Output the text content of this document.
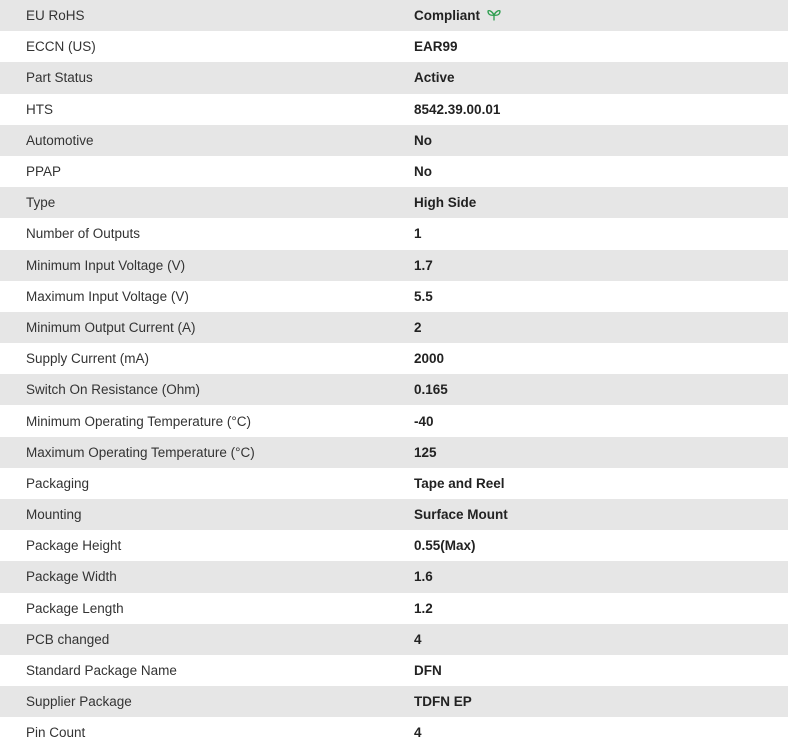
EU RoHS	Compliant
ECCN (US)	EAR99
Part Status	Active
HTS	8542.39.00.01
Automotive	No
PPAP	No
Type	High Side
Number of Outputs	1
Minimum Input Voltage (V)	1.7
Maximum Input Voltage (V)	5.5
Minimum Output Current (A)	2
Supply Current (mA)	2000
Switch On Resistance (Ohm)	0.165
Minimum Operating Temperature (°C)	-40
Maximum Operating Temperature (°C)	125
Packaging	Tape and Reel
Mounting	Surface Mount
Package Height	0.55(Max)
Package Width	1.6
Package Length	1.2
PCB changed	4
Standard Package Name	DFN
Supplier Package	TDFN EP
Pin Count	4
